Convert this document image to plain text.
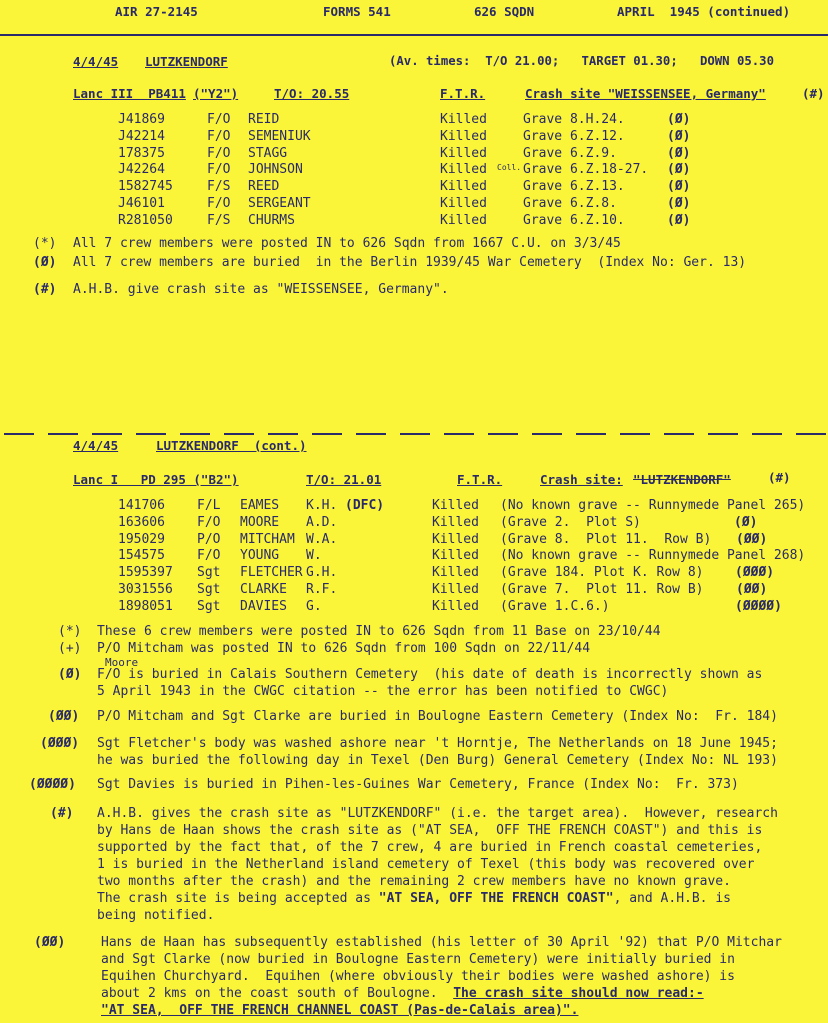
AIR 27-2145	FORMS 541	626 SQDN	APRIL  1945 (continued)
4/4/45 LUTZKENDORF	(Av. times:  T/O 21.00;   TARGET 01.30;   DOWN 05.30
Lanc III  PB411 ("Y2")	T/O: 20.55	F.T.R.	Crash site "WEISSENSEE, Germany"	(#)
J41869	F/O REID	Killed	Grave 8.H.24.	(Ø)
J42214	F/O SEMENIUK	Killed	Grave 6.Z.12.	(Ø)
178375	F/O STAGG	Killed	Grave 6.Z.9.	(Ø)
J42264	F/O JOHNSON	Killed Coll. Grave 6.Z.18-27. (Ø)
1582745	F/S REED	Killed	Grave 6.Z.13.	(Ø)
J46101	F/O SERGEANT	Killed	Grave 6.Z.8.	(Ø)
R281050	F/S CHURMS	Killed	Grave 6.Z.10.	(Ø)
(*) All 7 crew members were posted IN to 626 Sqdn from 1667 C.U. on 3/3/45
(Ø) All 7 crew members are buried  in the Berlin 1939/45 War Cemetery  (Index No: Ger. 13)
(#) A.H.B. give crash site as "WEISSENSEE, Germany".
4/4/45	LUTZKENDORF  (cont.)
Lanc I   PD 295 ("B2")	T/O: 21.01	F.T.R.	Crash site: "LUTZKENDORF"	(#)
141706 F/L EAMES K.H. (DFC)	Killed (No known grave -- Runnymede Panel 265)
163606 F/O MOORE A.D.	Killed (Grave 2.  Plot S)	(Ø)
195029 P/O MITCHAM W.A.	Killed (Grave 8.  Plot 11.  Row B) (ØØ)
154575 F/O YOUNG W.	Killed (No known grave -- Runnymede Panel 268)
1595397 Sgt FLETCHER G.H.	Killed (Grave 184. Plot K. Row 8) (ØØØ)
3031556 Sgt CLARKE R.F.	Killed (Grave 7.  Plot 11. Row B)	(ØØ)
1898051 Sgt DAVIES G.	Killed (Grave 1.C.6.)	(ØØØØ)
(*) These 6 crew members were posted IN to 626 Sqdn from 11 Base on 23/10/44
(+) P/O Mitcham was posted IN to 626 Sqdn from 100 Sqdn on 22/11/44
Moore
(Ø) F/O is buried in Calais Southern Cemetery  (his date of death is incorrectly shown as
5 April 1943 in the CWGC citation -- the error has been notified to CWGC)
(ØØ) P/O Mitcham and Sgt Clarke are buried in Boulogne Eastern Cemetery (Index No:  Fr. 184)
(ØØØ) Sgt Fletcher's body was washed ashore near 't Horntje, The Netherlands on 18 June 1945;
he was buried the following day in Texel (Den Burg) General Cemetery (Index No: NL 193)
(ØØØØ) Sgt Davies is buried in Pihen-les-Guines War Cemetery, France (Index No:  Fr. 373)
(#) A.H.B. gives the crash site as "LUTZKENDORF" (i.e. the target area).  However, research
by Hans de Haan shows the crash site as ("AT SEA,  OFF THE FRENCH COAST") and this is
supported by the fact that, of the 7 crew, 4 are buried in French coastal cemeteries,
1 is buried in the Netherland island cemetery of Texel (this body was recovered over
two months after the crash) and the remaining 2 crew members have no known grave.
The crash site is being accepted as "AT SEA, OFF THE FRENCH COAST", and A.H.B. is
being notified.
(ØØ)	Hans de Haan has subsequently established (his letter of 30 April '92) that P/O Mitchar
and Sgt Clarke (now buried in Boulogne Eastern Cemetery) were initially buried in
Equihen Churchyard.  Equihen (where obviously their bodies were washed ashore) is
about 2 kms on the coast south of Boulogne.  The crash site should now read:-
"AT SEA,  OFF THE FRENCH CHANNEL COAST (Pas-de-Calais area)".
